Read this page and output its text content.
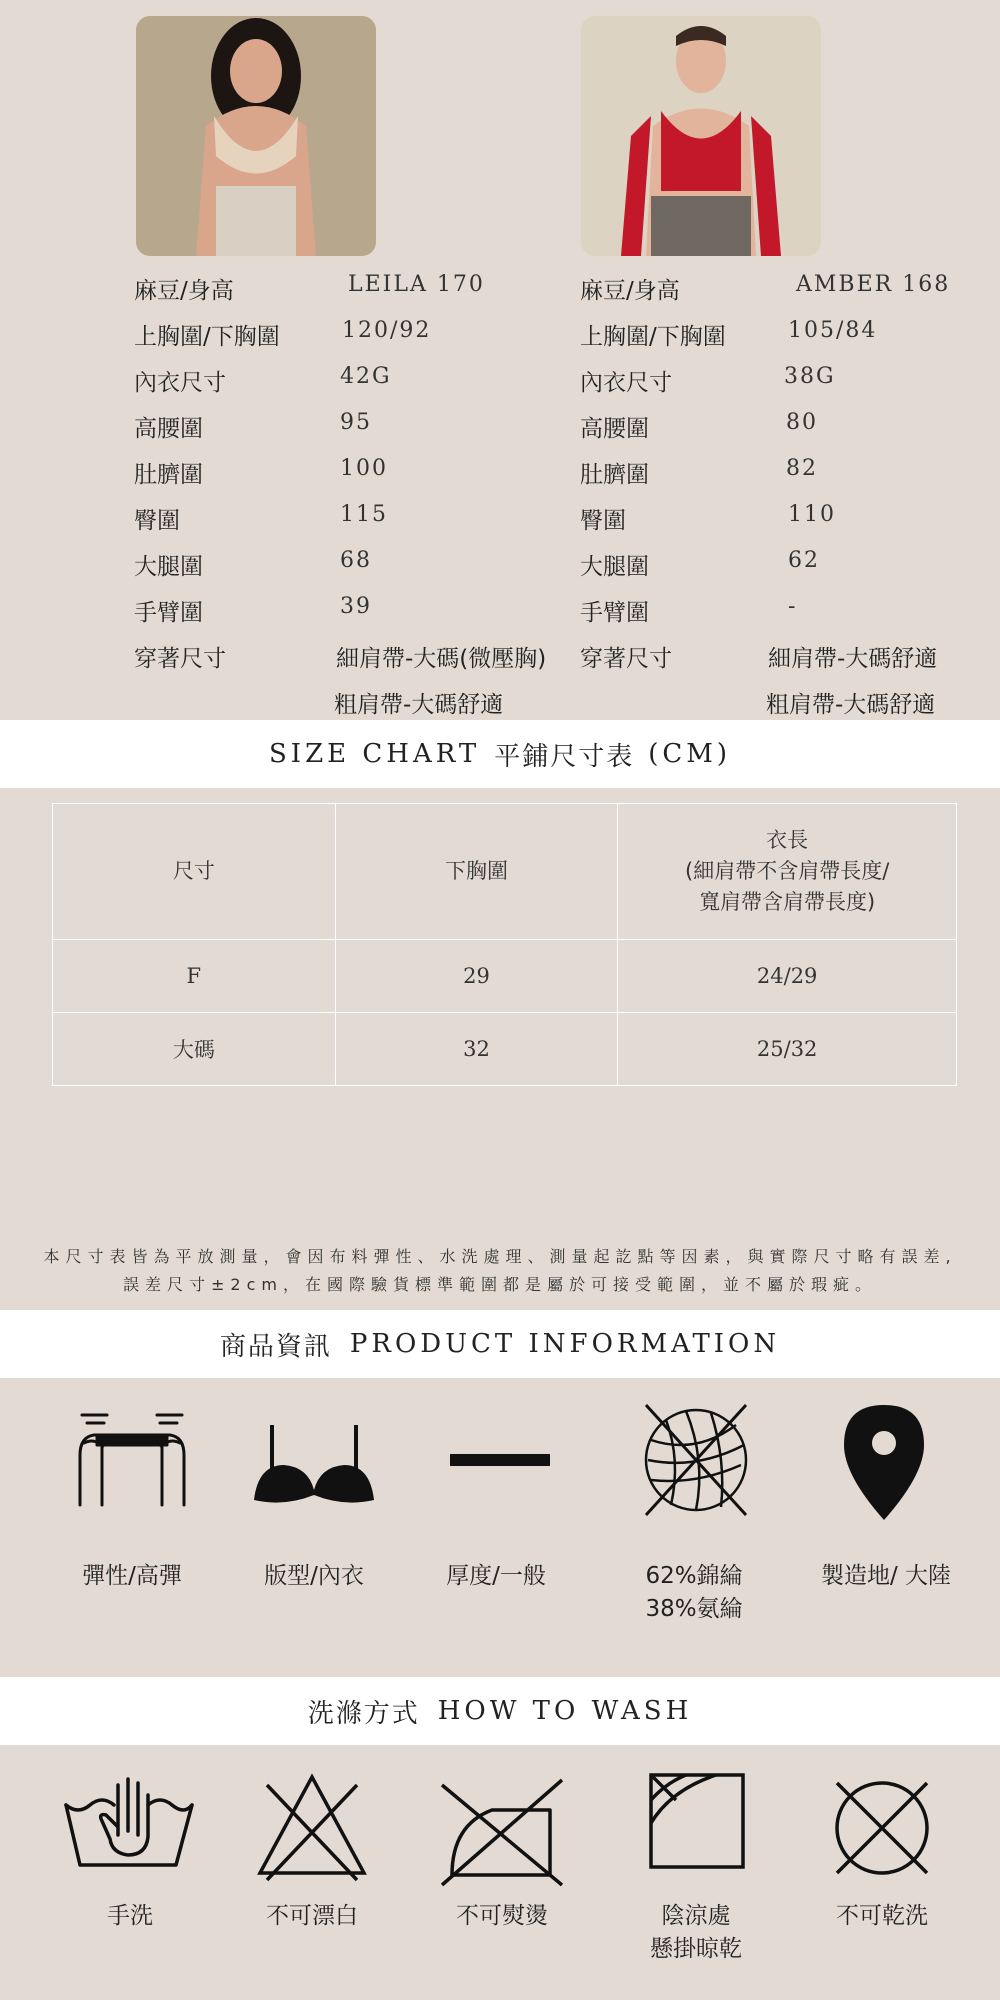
麻豆/身高	LEILA 170
上胸圍/下胸圍	120/92
內衣尺寸	42G
高腰圍	95
肚臍圍	100
臀圍	115
大腿圍	68
手臂圍	39
穿著尺寸	細肩帶-大碼(微壓胸)
粗肩帶-大碼舒適
麻豆/身高	AMBER 168
上胸圍/下胸圍	105/84
內衣尺寸	38G
高腰圍	80
肚臍圍	82
臀圍	110
大腿圍	62
手臂圍	-
穿著尺寸	細肩帶-大碼舒適
粗肩帶-大碼舒適
SIZE CHART 平鋪尺寸表 (CM)
尺寸	下胸圍	衣長
(細肩帶不含肩帶長度/
寬肩帶含肩帶長度)

F	29	24/29
大碼	32	25/32
本尺寸表皆為平放測量，會因布料彈性、水洗處理、測量起訖點等因素，與實際尺寸略有誤差,
誤差尺寸±2cm，在國際驗貨標準範圍都是屬於可接受範圍，並不屬於瑕疵。
商品資訊 PRODUCT INFORMATION
彈性/高彈	版型/內衣	厚度/一般	62%錦綸
38%氨綸
製造地/ 大陸
洗滌方式 HOW TO WASH
手洗	不可漂白	不可熨燙	陰涼處
懸掛晾乾
不可乾洗
